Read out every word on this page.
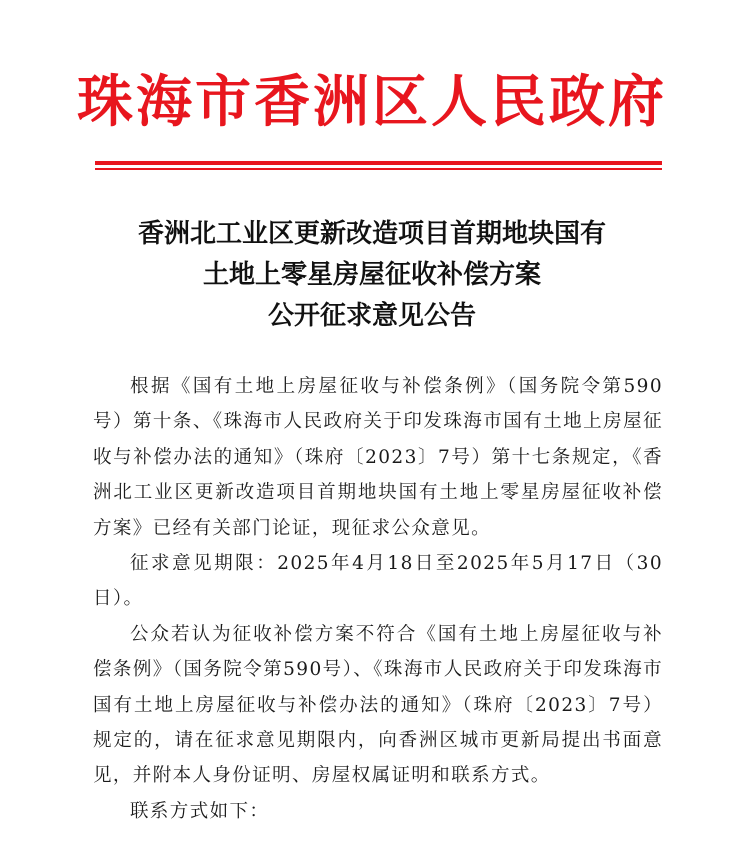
珠海市香洲区人民政府
香洲北工业区更新改造项目首期地块国有
土地上零星房屋征收补偿方案
公开征求意见公告

根据《国有土地上房屋征收与补偿条例》（国务院令第590号）第十条、《珠海市人民政府关于印发珠海市国有土地上房屋征收与补偿办法的通知》（珠府〔2023〕7号）第十七条规定，《香洲北工业区更新改造项目首期地块国有土地上零星房屋征收补偿方案》已经有关部门论证，现征求公众意见。

征求意见期限：2025年4月18日至2025年5月17日（30日）。

公众若认为征收补偿方案不符合《国有土地上房屋征收与补偿条例》（国务院令第590号）、《珠海市人民政府关于印发珠海市国有土地上房屋征收与补偿办法的通知》（珠府〔2023〕7号）规定的，请在征求意见期限内，向香洲区城市更新局提出书面意见，并附本人身份证明、房屋权属证明和联系方式。

联系方式如下：
